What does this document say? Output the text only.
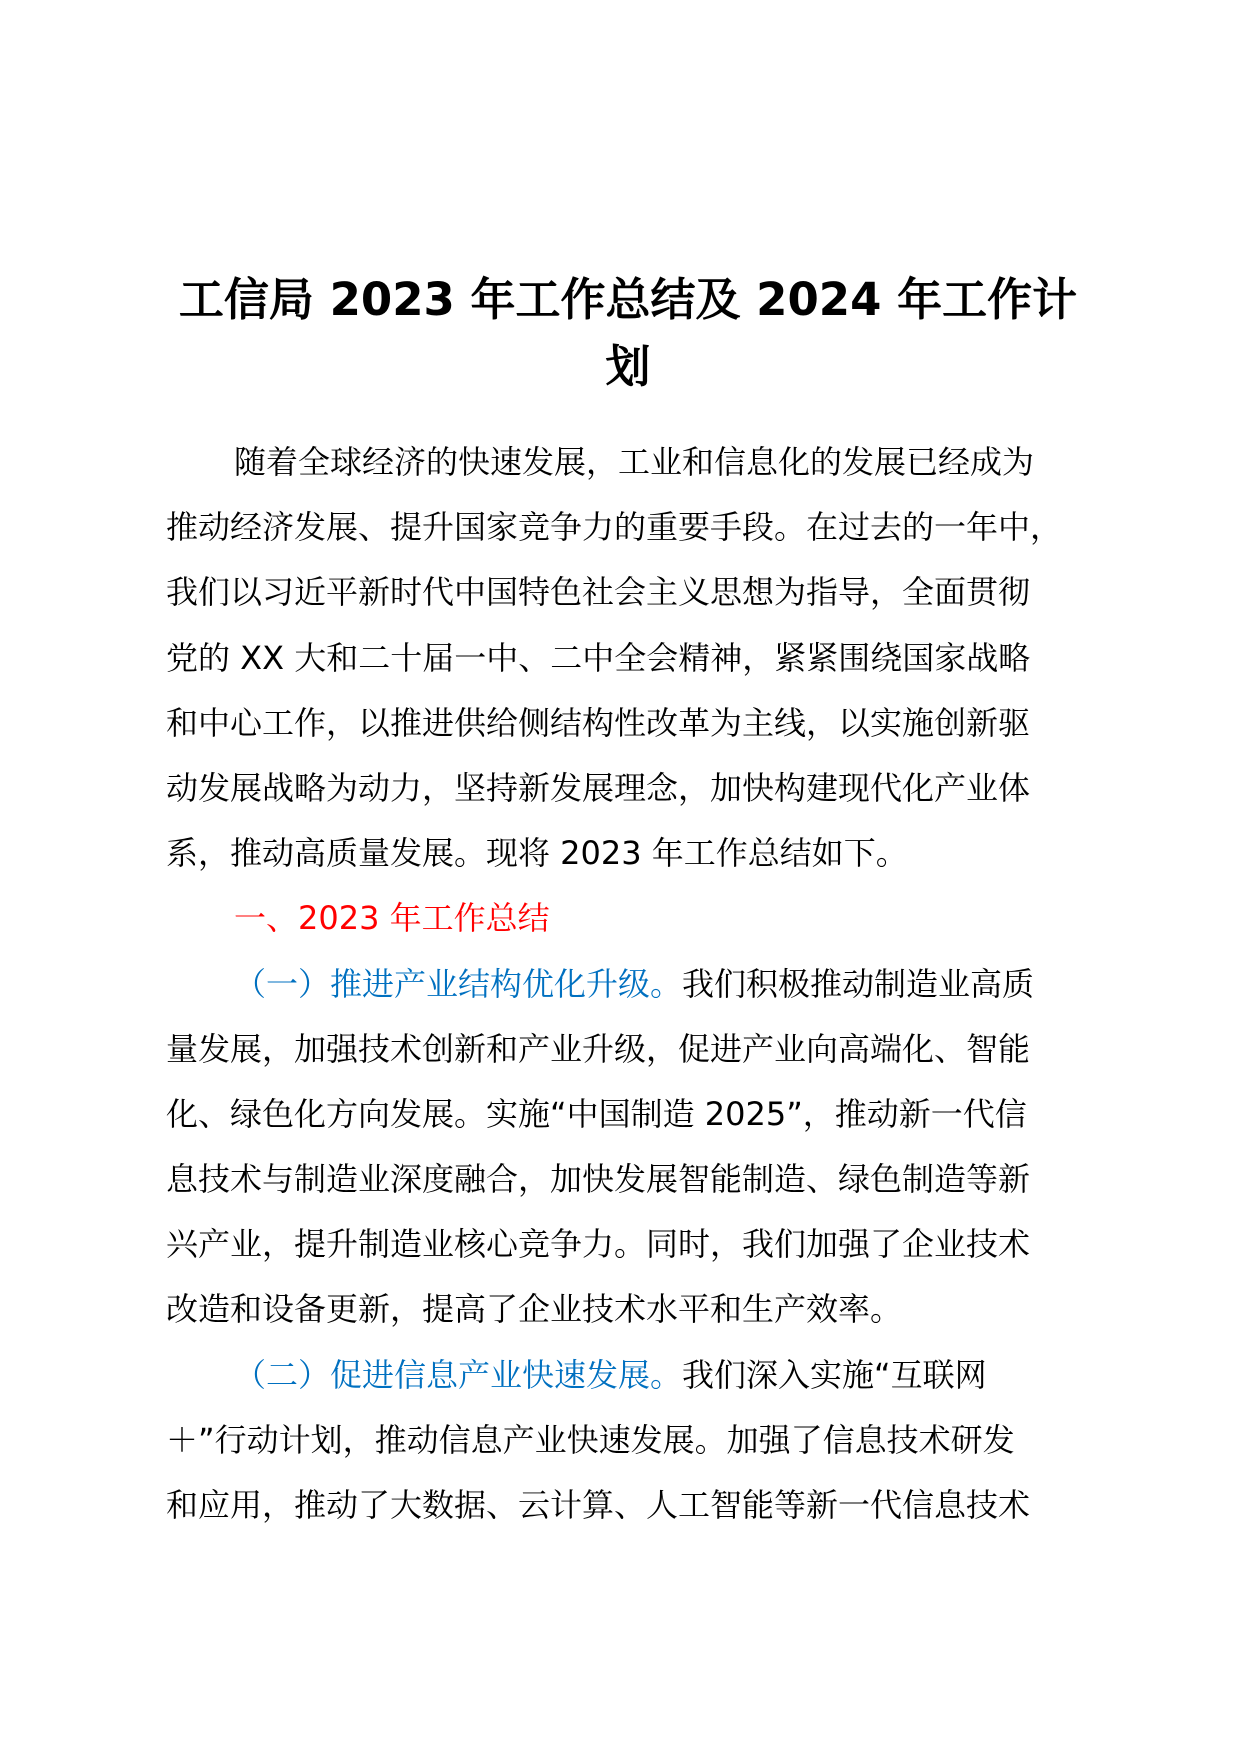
工信局 2023 年工作总结及 2024 年工作计
划
随着全球经济的快速发展，工业和信息化的发展已经成为
推动经济发展、提升国家竞争力的重要手段。在过去的一年中，
我们以习近平新时代中国特色社会主义思想为指导，全面贯彻
党的 XX 大和二十届一中、二中全会精神，紧紧围绕国家战略
和中心工作，以推进供给侧结构性改革为主线，以实施创新驱
动发展战略为动力，坚持新发展理念，加快构建现代化产业体
系，推动高质量发展。现将 2023 年工作总结如下。
一、2023 年工作总结
（一）推进产业结构优化升级。我们积极推动制造业高质
量发展，加强技术创新和产业升级，促进产业向高端化、智能
化、绿色化方向发展。实施“中国制造 2025”，推动新一代信
息技术与制造业深度融合，加快发展智能制造、绿色制造等新
兴产业，提升制造业核心竞争力。同时，我们加强了企业技术
改造和设备更新，提高了企业技术水平和生产效率。
（二）促进信息产业快速发展。我们深入实施“互联网
＋”行动计划，推动信息产业快速发展。加强了信息技术研发
和应用，推动了大数据、云计算、人工智能等新一代信息技术
